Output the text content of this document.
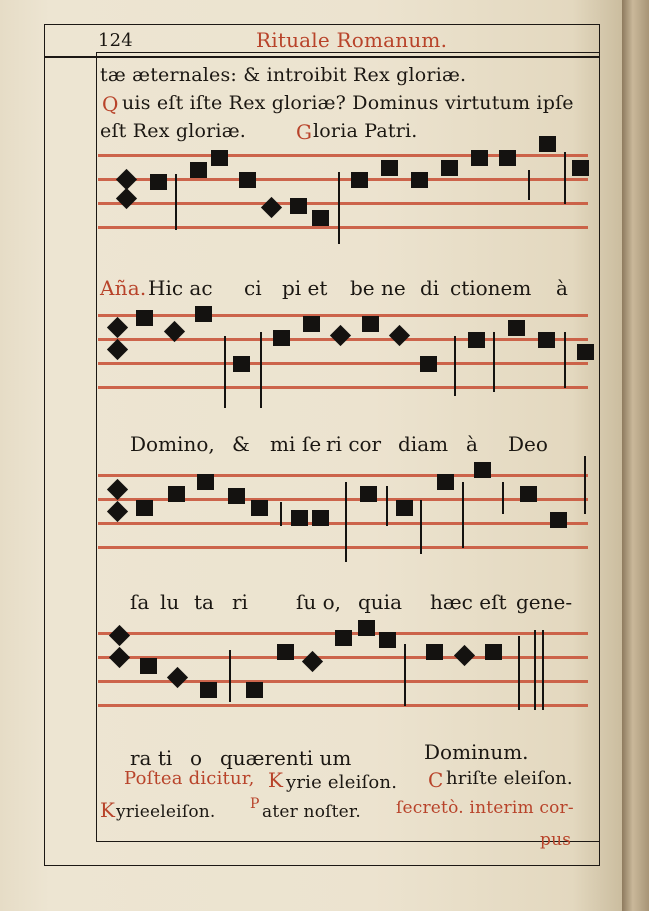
124	Rituale Romanum.
tæ æternales: & introibit Rex gloriæ.
Q uis eſt iſte Rex gloriæ? Dominus virtutum ipſe
eſt Rex gloriæ.	G loria Patri.
Aña. Hic ac ci pi et be ne di ctionem à
Domino, & mi ſe ri cor diam à Deo
ſa lu ta ri ſu o, quia hæc eſt gene-
ra ti o quærenti um	Dominum.
Poſtea dicitur, K yrie eleiſon. C hriſte eleiſon.
K yrieeleiſon. P ater noſter. ſecretò. interim cor-
pus
